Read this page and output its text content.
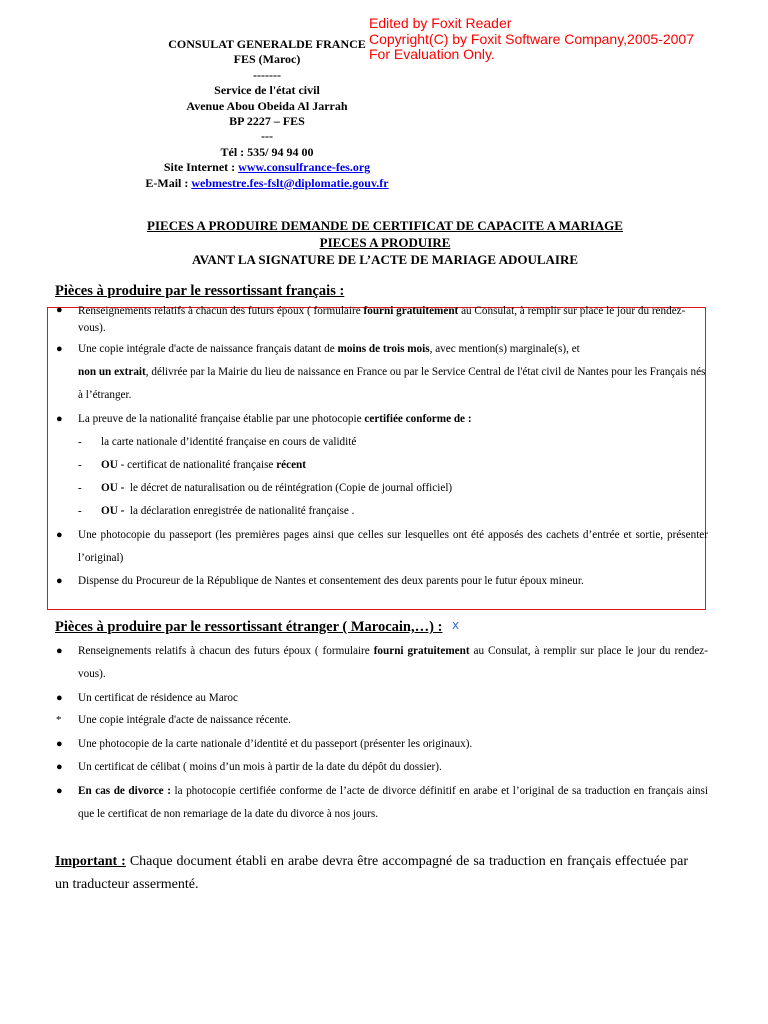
CONSULAT GENERALDE FRANCE
FES (Maroc)
-------
Service de l'état civil
Avenue Abou Obeida Al Jarrah
BP 2227 – FES
---
Tél : 535/ 94 94 00
Site Internet : www.consulfrance-fes.org
E-Mail : webmestre.fes-fslt@diplomatie.gouv.fr
Edited by Foxit Reader
Copyright(C) by Foxit Software Company,2005-2007
For Evaluation Only.
PIECES A PRODUIRE DEMANDE DE CERTIFICAT DE CAPACITE A MARIAGE
PIECES A PRODUIRE
AVANT LA SIGNATURE DE L’ACTE DE MARIAGE ADOULAIRE
Pièces à produire par le ressortissant français :
● Renseignements relatifs à chacun des futurs époux ( formulaire fourni gratuitement au Consulat, à remplir sur place le jour du rendez-vous).
● Une copie intégrale d'acte de naissance français datant de moins de trois mois, avec mention(s) marginale(s), et
non un extrait, délivrée par la Mairie du lieu de naissance en France ou par le Service Central de l'état civil de Nantes pour les Français nés à l’étranger.
● La preuve de la nationalité française établie par une photocopie certifiée conforme de :
- la carte nationale d’identité française en cours de validité
- OU - certificat de nationalité française récent
- OU - le décret de naturalisation ou de réintégration (Copie de journal officiel)
- OU - la déclaration enregistrée de nationalité française .
● Une photocopie du passeport (les premières pages ainsi que celles sur lesquelles ont été apposés des cachets d’entrée et sortie, présenter l’original)
● Dispense du Procureur de la République de Nantes et consentement des deux parents pour le futur époux mineur.
Pièces à produire par le ressortissant étranger ( Marocain,…) : x
● Renseignements relatifs à chacun des futurs époux ( formulaire fourni gratuitement au Consulat, à remplir sur place le jour du rendez-vous).
● Un certificat de résidence au Maroc
* Une copie intégrale d'acte de naissance récente.
● Une photocopie de la carte nationale d’identité et du passeport (présenter les originaux).
● Un certificat de célibat ( moins d’un mois à partir de la date du dépôt du dossier).
● En cas de divorce : la photocopie certifiée conforme de l’acte de divorce définitif en arabe et l’original de sa traduction en français ainsi que le certificat de non remariage de la date du divorce à nos jours.
Important : Chaque document établi en arabe devra être accompagné de sa traduction en français effectuée par un traducteur assermenté.
